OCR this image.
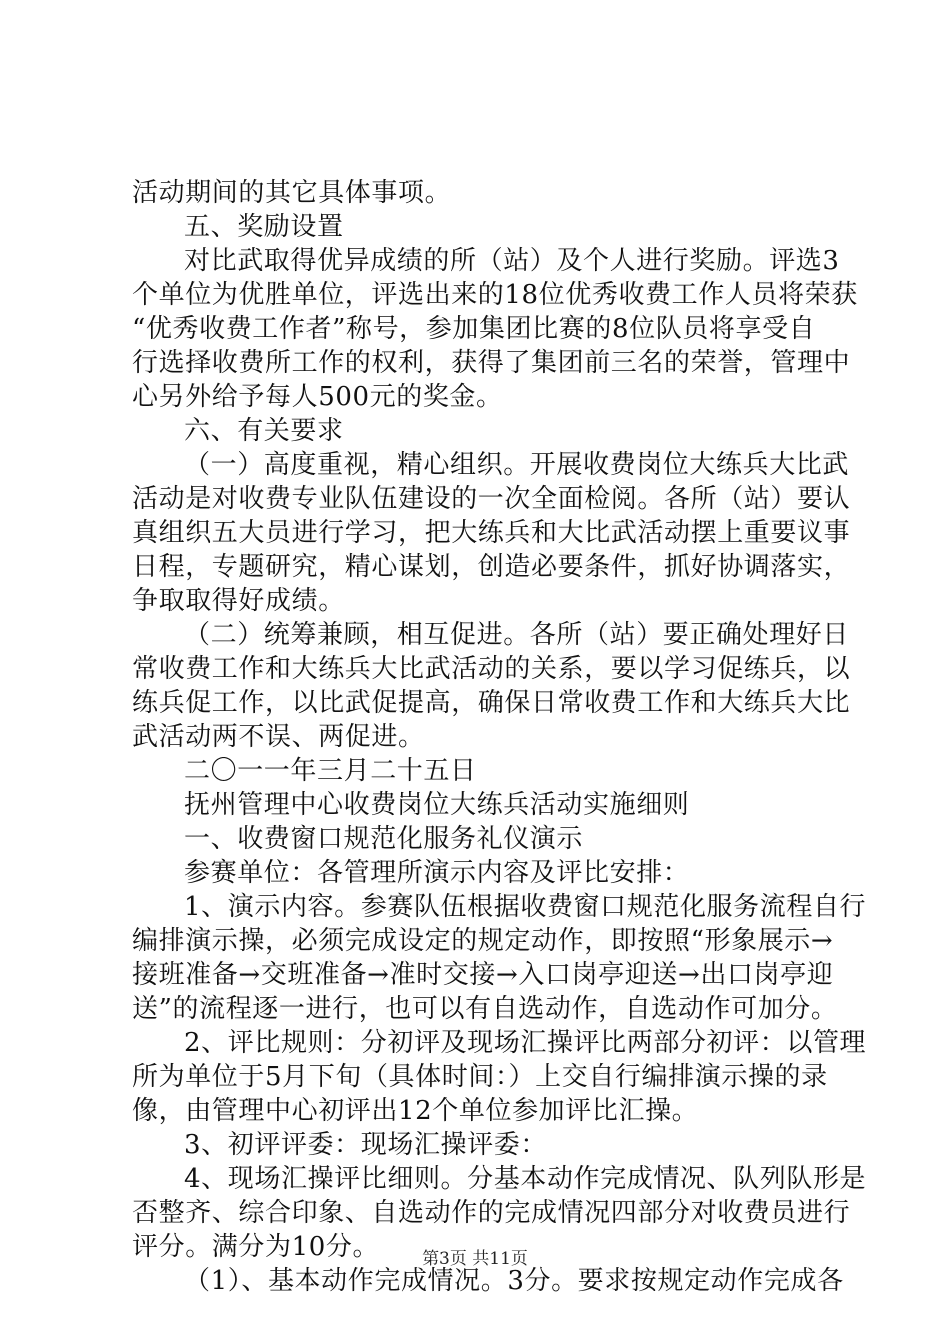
活动期间的其它具体事项。
五、奖励设置
对比武取得优异成绩的所（站）及个人进行奖励。评选3
个单位为优胜单位，评选出来的18位优秀收费工作人员将荣获
“优秀收费工作者”称号，参加集团比赛的8位队员将享受自
行选择收费所工作的权利，获得了集团前三名的荣誉，管理中
心另外给予每人500元的奖金。
六、有关要求
（一）高度重视，精心组织。开展收费岗位大练兵大比武
活动是对收费专业队伍建设的一次全面检阅。各所（站）要认
真组织五大员进行学习，把大练兵和大比武活动摆上重要议事
日程，专题研究，精心谋划，创造必要条件，抓好协调落实，
争取取得好成绩。
（二）统筹兼顾，相互促进。各所（站）要正确处理好日
常收费工作和大练兵大比武活动的关系，要以学习促练兵，以
练兵促工作，以比武促提高，确保日常收费工作和大练兵大比
武活动两不误、两促进。
二〇一一年三月二十五日
抚州管理中心收费岗位大练兵活动实施细则
一、收费窗口规范化服务礼仪演示
参赛单位：各管理所演示内容及评比安排：
1、演示内容。参赛队伍根据收费窗口规范化服务流程自行
编排演示操，必须完成设定的规定动作，即按照“形象展示→
接班准备→交班准备→准时交接→入口岗亭迎送→出口岗亭迎
送”的流程逐一进行，也可以有自选动作，自选动作可加分。
2、评比规则：分初评及现场汇操评比两部分初评：以管理
所为单位于5月下旬（具体时间：）上交自行编排演示操的录
像，由管理中心初评出12个单位参加评比汇操。
3、初评评委：现场汇操评委：
4、现场汇操评比细则。分基本动作完成情况、队列队形是
否整齐、综合印象、自选动作的完成情况四部分对收费员进行
评分。满分为10分。
（1）、基本动作完成情况。3分。要求按规定动作完成各
第3页 共11页
